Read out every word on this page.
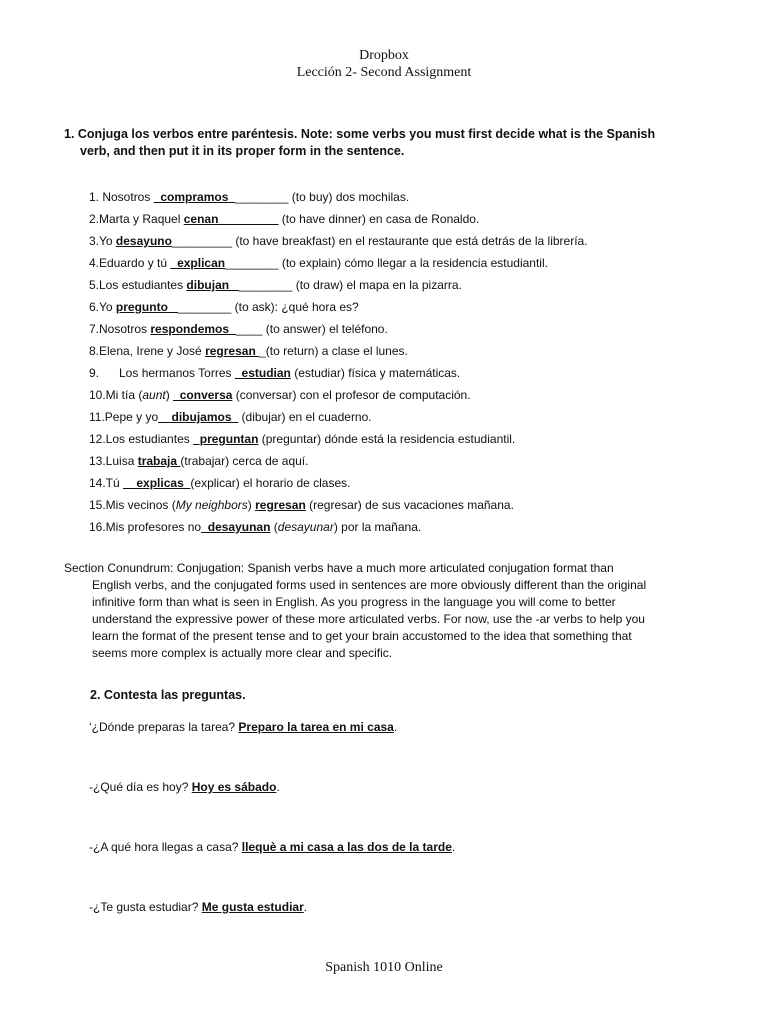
Dropbox
Lección 2- Second Assignment
1. Conjuga los verbos entre paréntesis. Note: some verbs you must first decide what is the Spanish
verb, and then put it in its proper form in the sentence.
1. Nosotros _compramos_________ (to buy) dos mochilas.
2.Marta y Raquel cenan_________ (to have dinner) en casa de Ronaldo.
3.Yo desayuno_________ (to have breakfast) en el restaurante que está detrás de la librería.
4.Eduardo y tú _explican________ (to explain) cómo llegar a la residencia estudiantil.
5.Los estudiantes dibujan _________ (to draw) el mapa en la pizarra.
6.Yo pregunto _________ (to ask): ¿qué hora es?
7.Nosotros respondemos_____ (to answer) el teléfono.
8.Elena, Irene y José regresan _(to return) a clase el lunes.
9.      Los hermanos Torres _estudian (estudiar) física y matemáticas.
10.Mi tía (aunt) _conversa (conversar) con el profesor de computación.
11.Pepe y yo__dibujamos_ (dibujar) en el cuaderno.
12.Los estudiantes _preguntan (preguntar) dónde está la residencia estudiantil.
13.Luisa trabaja (trabajar) cerca de aquí.
14.Tú __explicas_(explicar) el horario de clases.
15.Mis vecinos (My neighbors) regresan (regresar) de sus vacaciones mañana.
16.Mis profesores no_desayunan (desayunar) por la mañana.
Section Conundrum: Conjugation: Spanish verbs have a much more articulated conjugation format than
English verbs, and the conjugated forms used in sentences are more obviously different than the original
infinitive form than what is seen in English. As you progress in the language you will come to better
understand the expressive power of these more articulated verbs. For now, use the -ar verbs to help you
learn the format of the present tense and to get your brain accustomed to the idea that something that
seems more complex is actually more clear and specific.
2. Contesta las preguntas.
‘¿Dónde preparas la tarea? Preparo la tarea en mi casa.
-¿Qué día es hoy? Hoy es sábado.
-¿A qué hora llegas a casa? llequè a mi casa a las dos de la tarde.
-¿Te gusta estudiar? Me gusta estudiar.
Spanish 1010 Online
